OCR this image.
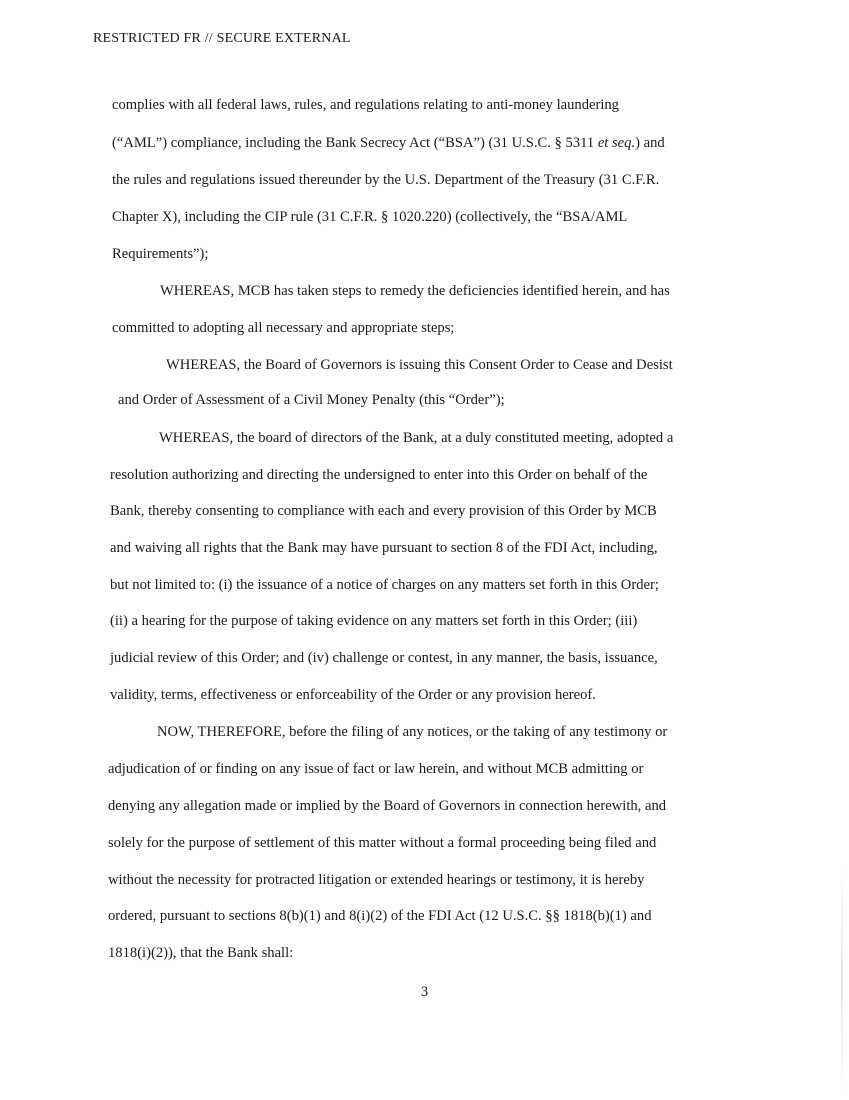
RESTRICTED FR // SECURE EXTERNAL
complies with all federal laws, rules, and regulations relating to anti-money laundering
(“AML”) compliance, including the Bank Secrecy Act (“BSA”) (31 U.S.C. § 5311 et seq.) and
the rules and regulations issued thereunder by the U.S. Department of the Treasury (31 C.F.R.
Chapter X), including the CIP rule (31 C.F.R. § 1020.220) (collectively, the “BSA/AML
Requirements”);
WHEREAS, MCB has taken steps to remedy the deficiencies identified herein, and has
committed to adopting all necessary and appropriate steps;
WHEREAS, the Board of Governors is issuing this Consent Order to Cease and Desist
and Order of Assessment of a Civil Money Penalty (this “Order”);
WHEREAS, the board of directors of the Bank, at a duly constituted meeting, adopted a
resolution authorizing and directing the undersigned to enter into this Order on behalf of the
Bank, thereby consenting to compliance with each and every provision of this Order by MCB
and waiving all rights that the Bank may have pursuant to section 8 of the FDI Act, including,
but not limited to: (i) the issuance of a notice of charges on any matters set forth in this Order;
(ii) a hearing for the purpose of taking evidence on any matters set forth in this Order; (iii)
judicial review of this Order; and (iv) challenge or contest, in any manner, the basis, issuance,
validity, terms, effectiveness or enforceability of the Order or any provision hereof.
NOW, THEREFORE, before the filing of any notices, or the taking of any testimony or
adjudication of or finding on any issue of fact or law herein, and without MCB admitting or
denying any allegation made or implied by the Board of Governors in connection herewith, and
solely for the purpose of settlement of this matter without a formal proceeding being filed and
without the necessity for protracted litigation or extended hearings or testimony, it is hereby
ordered, pursuant to sections 8(b)(1) and 8(i)(2) of the FDI Act (12 U.S.C. §§ 1818(b)(1) and
1818(i)(2)), that the Bank shall:
3
